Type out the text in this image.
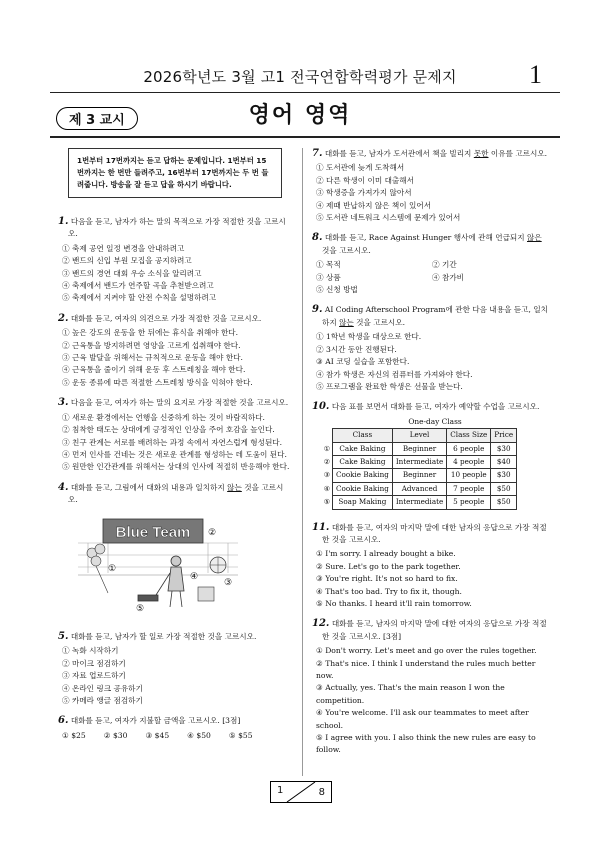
2026학년도 3월 고1 전국연합학력평가 문제지	1
제 3 교시	영어 영역
1번부터 17번까지는 듣고 답하는 문제입니다. 1번부터 15번까지는 한 번만 들려주고, 16번부터 17번까지는 두 번 들려줍니다. 방송을 잘 듣고 답을 하시기 바랍니다.
1. 다음을 듣고, 남자가 하는 말의 목적으로 가장 적절한 것을 고르시오.
① 축제 공연 일정 변경을 안내하려고
② 밴드의 신입 부원 모집을 공지하려고
③ 밴드의 경연 대회 우승 소식을 알리려고
④ 축제에서 밴드가 연주할 곡을 추천받으려고
⑤ 축제에서 지켜야 할 안전 수칙을 설명하려고
2. 대화를 듣고, 여자의 의견으로 가장 적절한 것을 고르시오.
① 높은 강도의 운동을 한 뒤에는 휴식을 취해야 한다.
② 근육통을 방지하려면 영양을 고르게 섭취해야 한다.
③ 근육 발달을 위해서는 규칙적으로 운동을 해야 한다.
④ 근육통을 줄이기 위해 운동 후 스트레칭을 해야 한다.
⑤ 운동 종류에 따른 적절한 스트레칭 방식을 익혀야 한다.
3. 다음을 듣고, 여자가 하는 말의 요지로 가장 적절한 것을 고르시오.
① 새로운 환경에서는 언행을 신중하게 하는 것이 바람직하다.
② 침착한 태도는 상대에게 긍정적인 인상을 주어 호감을 높인다.
③ 친구 관계는 서로를 배려하는 과정 속에서 자연스럽게 형성된다.
④ 먼저 인사를 건네는 것은 새로운 관계를 형성하는 데 도움이 된다.
⑤ 원만한 인간관계를 위해서는 상대의 인사에 적절히 반응해야 한다.
4. 대화를 듣고, 그림에서 대화의 내용과 일치하지 않는 것을 고르시오.
Blue Team
①
②
③
④
⑤
5. 대화를 듣고, 남자가 할 일로 가장 적절한 것을 고르시오.
① 녹화 시작하기
② 마이크 점검하기
③ 자료 업로드하기
④ 온라인 링크 공유하기
⑤ 카메라 앵글 점검하기
6. 대화를 듣고, 여자가 지불할 금액을 고르시오. [3점]
① $25 ② $30 ③ $45 ④ $50 ⑤ $55
7. 대화를 듣고, 남자가 도서관에서 책을 빌리지 못한 이유를 고르시오.
① 도서관에 늦게 도착해서
② 다른 학생이 이미 대출해서
③ 학생증을 가져가지 않아서
④ 제때 반납하지 않은 책이 있어서
⑤ 도서관 네트워크 시스템에 문제가 있어서
8. 대화를 듣고, Race Against Hunger 행사에 관해 언급되지 않은 것을 고르시오.
① 목적	② 기간
③ 상품	④ 참가비
⑤ 신청 방법
9. AI Coding Afterschool Program에 관한 다음 내용을 듣고, 일치하지 않는 것을 고르시오.
① 1학년 학생을 대상으로 한다.
② 3시간 동안 진행된다.
③ AI 코딩 실습을 포함한다.
④ 참가 학생은 자신의 컴퓨터를 가져와야 한다.
⑤ 프로그램을 완료한 학생은 선물을 받는다.
10. 다음 표를 보면서 대화를 듣고, 여자가 예약할 수업을 고르시오.
One-day Class
	Class	Level	Class Size	Price
①	Cake Baking	Beginner	6 people	$30
②	Cake Baking	Intermediate	4 people	$40
③	Cookie Baking	Beginner	10 people	$30
④	Cookie Baking	Advanced	7 people	$50
⑤	Soap Making	Intermediate	5 people	$50
11. 대화를 듣고, 여자의 마지막 말에 대한 남자의 응답으로 가장 적절한 것을 고르시오.
① I'm sorry. I already bought a bike.
② Sure. Let's go to the park together.
③ You're right. It's not so hard to fix.
④ That's too bad. Try to fix it, though.
⑤ No thanks. I heard it'll rain tomorrow.
12. 대화를 듣고, 남자의 마지막 말에 대한 여자의 응답으로 가장 적절한 것을 고르시오. [3점]
① Don't worry. Let's meet and go over the rules together.
② That's nice. I think I understand the rules much better now.
③ Actually, yes. That's the main reason I won the competition.
④ You're welcome. I'll ask our teammates to meet after school.
⑤ I agree with you. I also think the new rules are easy to follow.
1	8
